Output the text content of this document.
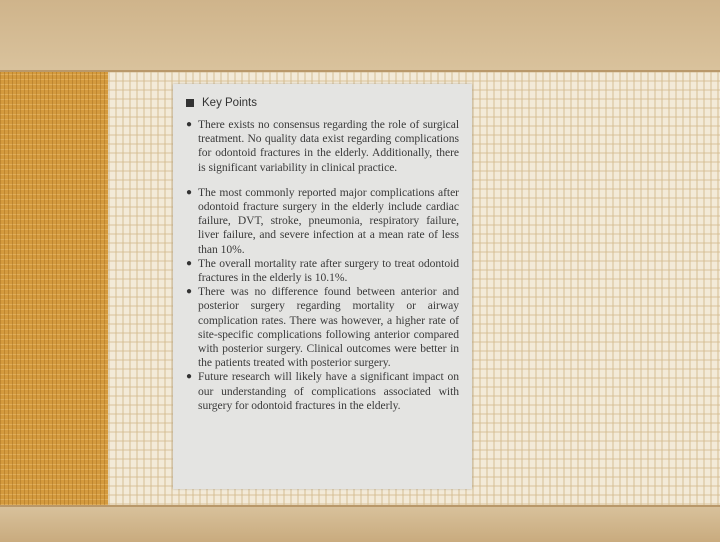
Key Points
● There exists no consensus regarding the role of surgical treatment. No quality data exist regarding complications for odontoid fractures in the elderly. Additionally, there is significant variability in clinical practice.
● The most commonly reported major complications after odontoid fracture surgery in the elderly include cardiac failure, DVT, stroke, pneumonia, respiratory failure, liver failure, and severe infection at a mean rate of less than 10%.
● The overall mortality rate after surgery to treat odontoid fractures in the elderly is 10.1%.
● There was no difference found between anterior and posterior surgery regarding mortality or airway complication rates. There was however, a higher rate of site-specific complications following anterior compared with posterior surgery. Clinical outcomes were better in the patients treated with posterior surgery.
● Future research will likely have a significant impact on our understanding of complications associated with surgery for odontoid fractures in the elderly.
